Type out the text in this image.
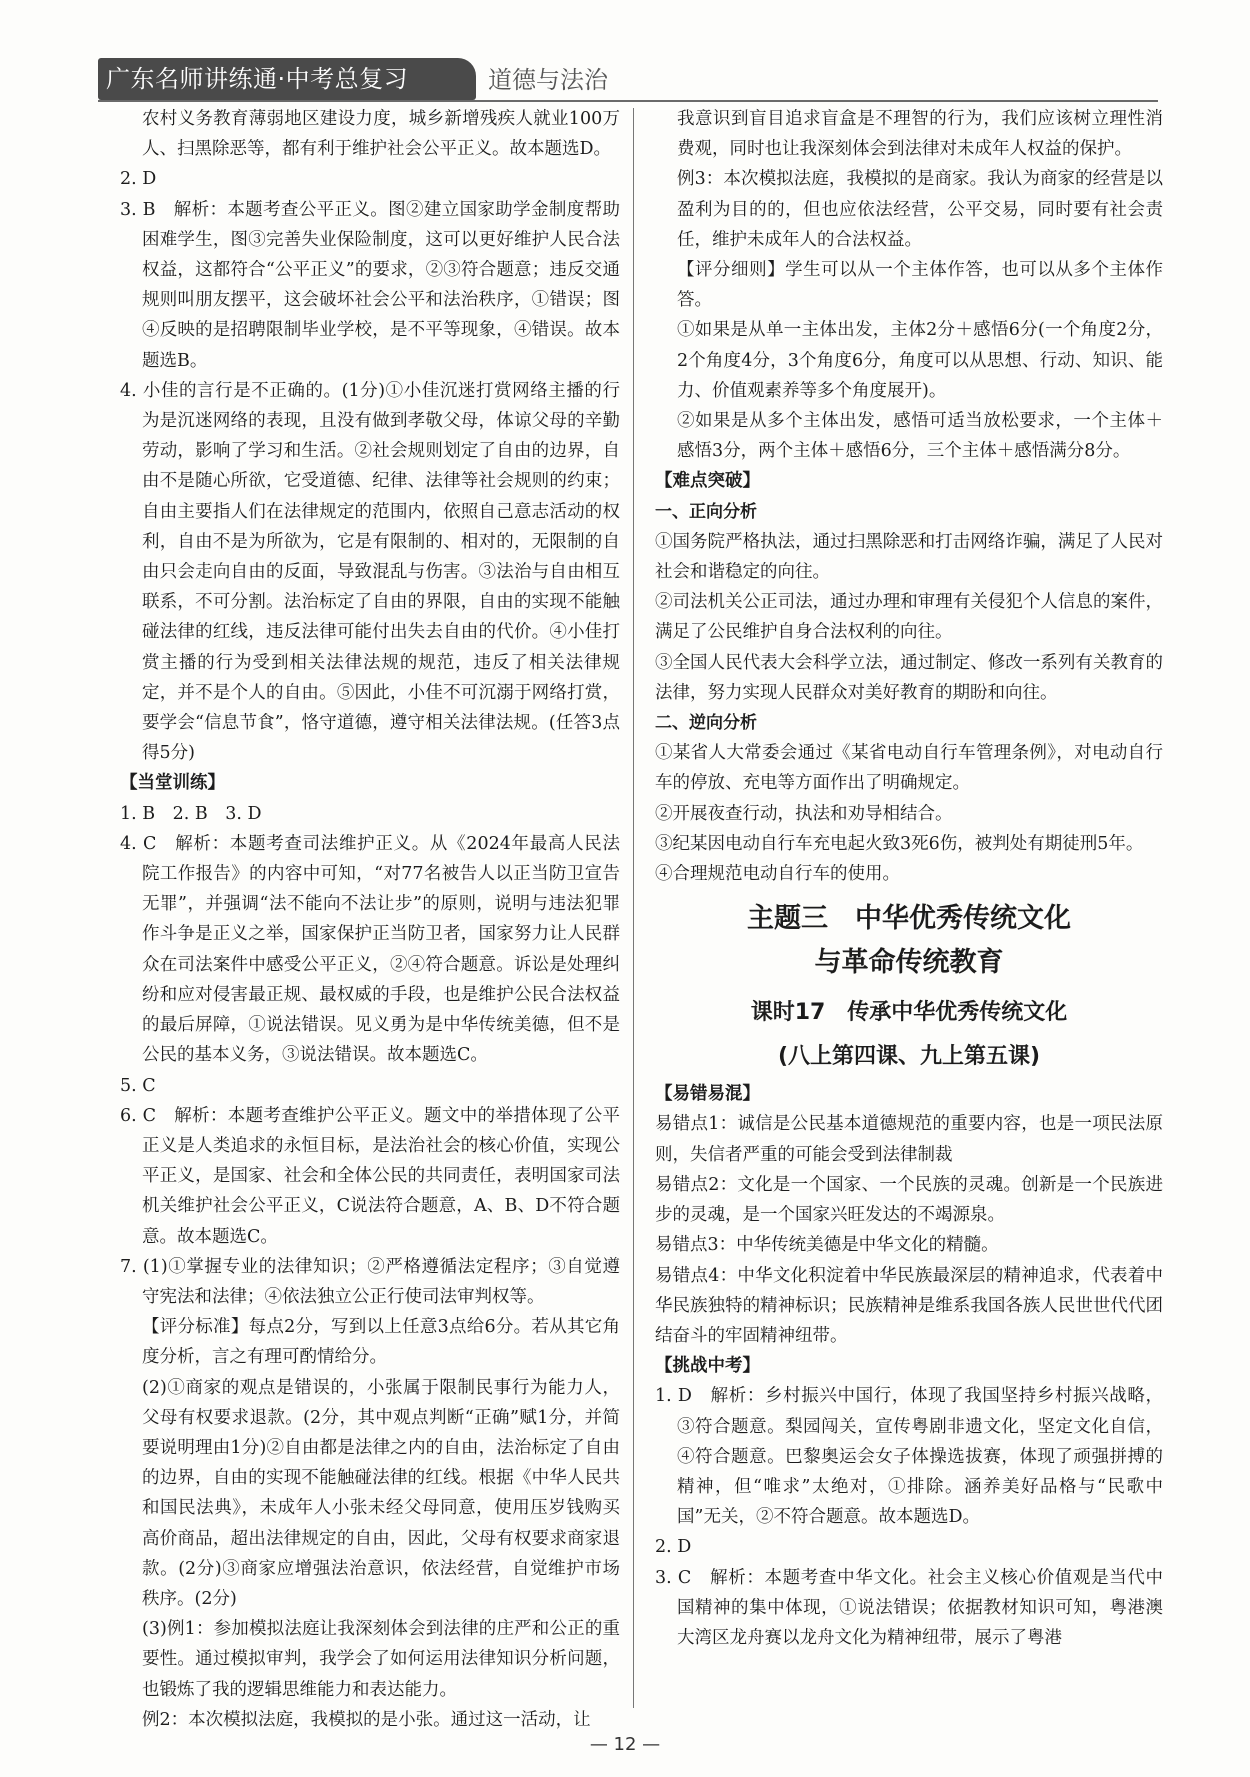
广东名师讲练通·中考总复习	道德与法治

农村义务教育薄弱地区建设力度，城乡新增残疾人就业100万人、扫黑除恶等，都有利于维护社会公平正义。故本题选D。

2. D

3. B　解析：本题考查公平正义。图②建立国家助学金制度帮助困难学生，图③完善失业保险制度，这可以更好维护人民合法权益，这都符合“公平正义”的要求，②③符合题意；违反交通规则叫朋友摆平，这会破坏社会公平和法治秩序，①错误；图④反映的是招聘限制毕业学校，是不平等现象，④错误。故本题选B。

4. 小佳的言行是不正确的。(1分)①小佳沉迷打赏网络主播的行为是沉迷网络的表现，且没有做到孝敬父母，体谅父母的辛勤劳动，影响了学习和生活。②社会规则划定了自由的边界，自由不是随心所欲，它受道德、纪律、法律等社会规则的约束；自由主要指人们在法律规定的范围内，依照自己意志活动的权利，自由不是为所欲为，它是有限制的、相对的，无限制的自由只会走向自由的反面，导致混乱与伤害。③法治与自由相互联系，不可分割。法治标定了自由的界限，自由的实现不能触碰法律的红线，违反法律可能付出失去自由的代价。④小佳打赏主播的行为受到相关法律法规的规范，违反了相关法律规定，并不是个人的自由。⑤因此，小佳不可沉溺于网络打赏，要学会“信息节食”，恪守道德，遵守相关法律法规。(任答3点得5分)

【当堂训练】

1. B　2. B　3. D

4. C　解析：本题考查司法维护正义。从《2024年最高人民法院工作报告》的内容中可知，“对77名被告人以正当防卫宣告无罪”，并强调“法不能向不法让步”的原则，说明与违法犯罪作斗争是正义之举，国家保护正当防卫者，国家努力让人民群众在司法案件中感受公平正义，②④符合题意。诉讼是处理纠纷和应对侵害最正规、最权威的手段，也是维护公民合法权益的最后屏障，①说法错误。见义勇为是中华传统美德，但不是公民的基本义务，③说法错误。故本题选C。

5. C

6. C　解析：本题考查维护公平正义。题文中的举措体现了公平正义是人类追求的永恒目标，是法治社会的核心价值，实现公平正义，是国家、社会和全体公民的共同责任，表明国家司法机关维护社会公平正义，C说法符合题意，A、B、D不符合题意。故本题选C。

7. (1)①掌握专业的法律知识；②严格遵循法定程序；③自觉遵守宪法和法律；④依法独立公正行使司法审判权等。

【评分标准】每点2分，写到以上任意3点给6分。若从其它角度分析，言之有理可酌情给分。

(2)①商家的观点是错误的，小张属于限制民事行为能力人，父母有权要求退款。(2分，其中观点判断“正确”赋1分，并简要说明理由1分)②自由都是法律之内的自由，法治标定了自由的边界，自由的实现不能触碰法律的红线。根据《中华人民共和国民法典》，未成年人小张未经父母同意，使用压岁钱购买高价商品，超出法律规定的自由，因此，父母有权要求商家退款。(2分)③商家应增强法治意识，依法经营，自觉维护市场秩序。(2分)

(3)例1：参加模拟法庭让我深刻体会到法律的庄严和公正的重要性。通过模拟审判，我学会了如何运用法律知识分析问题，也锻炼了我的逻辑思维能力和表达能力。

例2：本次模拟法庭，我模拟的是小张。通过这一活动，让

我意识到盲目追求盲盒是不理智的行为，我们应该树立理性消费观，同时也让我深刻体会到法律对未成年人权益的保护。

例3：本次模拟法庭，我模拟的是商家。我认为商家的经营是以盈利为目的的，但也应依法经营，公平交易，同时要有社会责任，维护未成年人的合法权益。

【评分细则】学生可以从一个主体作答，也可以从多个主体作答。

①如果是从单一主体出发，主体2分＋感悟6分(一个角度2分，2个角度4分，3个角度6分，角度可以从思想、行动、知识、能力、价值观素养等多个角度展开)。

②如果是从多个主体出发，感悟可适当放松要求，一个主体＋感悟3分，两个主体＋感悟6分，三个主体＋感悟满分8分。

【难点突破】

一、正向分析

①国务院严格执法，通过扫黑除恶和打击网络诈骗，满足了人民对社会和谐稳定的向往。

②司法机关公正司法，通过办理和审理有关侵犯个人信息的案件，满足了公民维护自身合法权利的向往。

③全国人民代表大会科学立法，通过制定、修改一系列有关教育的法律，努力实现人民群众对美好教育的期盼和向往。

二、逆向分析

①某省人大常委会通过《某省电动自行车管理条例》，对电动自行车的停放、充电等方面作出了明确规定。

②开展夜查行动，执法和劝导相结合。

③纪某因电动自行车充电起火致3死6伤，被判处有期徒刑5年。

④合理规范电动自行车的使用。

主题三　中华优秀传统文化

与革命传统教育

课时17　传承中华优秀传统文化

(八上第四课、九上第五课)

【易错易混】

易错点1：诚信是公民基本道德规范的重要内容，也是一项民法原则，失信者严重的可能会受到法律制裁

易错点2：文化是一个国家、一个民族的灵魂。创新是一个民族进步的灵魂，是一个国家兴旺发达的不竭源泉。

易错点3：中华传统美德是中华文化的精髓。

易错点4：中华文化积淀着中华民族最深层的精神追求，代表着中华民族独特的精神标识；民族精神是维系我国各族人民世世代代团结奋斗的牢固精神纽带。

【挑战中考】

1. D　解析：乡村振兴中国行，体现了我国坚持乡村振兴战略，③符合题意。梨园闯关，宣传粤剧非遗文化，坚定文化自信，④符合题意。巴黎奥运会女子体操选拔赛，体现了顽强拼搏的精神，但“唯求”太绝对，①排除。涵养美好品格与“民歌中国”无关，②不符合题意。故本题选D。

2. D

3. C　解析：本题考查中华文化。社会主义核心价值观是当代中国精神的集中体现，①说法错误；依据教材知识可知，粤港澳大湾区龙舟赛以龙舟文化为精神纽带，展示了粤港

— 12 —
